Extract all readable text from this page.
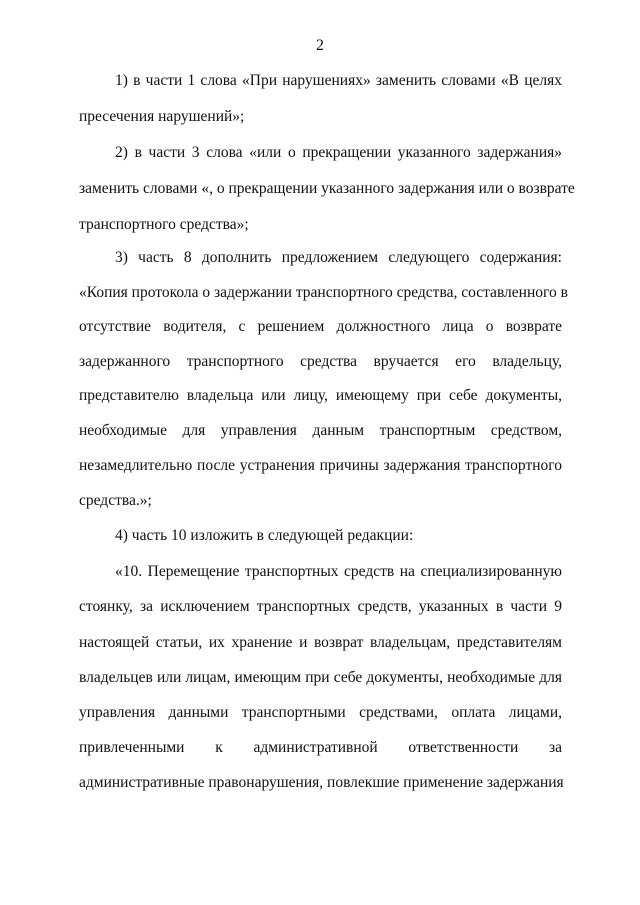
2
1) в части 1 слова «При нарушениях» заменить словами «В целях
пресечения нарушений»;
2) в части 3 слова «или о прекращении указанного задержания»
заменить словами «, о прекращении указанного задержания или о возврате
транспортного средства»;
3) часть 8 дополнить предложением следующего содержания:
«Копия протокола о задержании транспортного средства, составленного в
отсутствие водителя, с решением должностного лица о возврате
задержанного транспортного средства вручается его владельцу,
представителю владельца или лицу, имеющему при себе документы,
необходимые для управления данным транспортным средством,
незамедлительно после устранения причины задержания транспортного
средства.»;
4) часть 10 изложить в следующей редакции:
«10. Перемещение транспортных средств на специализированную
стоянку, за исключением транспортных средств, указанных в части 9
настоящей статьи, их хранение и возврат владельцам, представителям
владельцев или лицам, имеющим при себе документы, необходимые для
управления данными транспортными средствами, оплата лицами,
привлеченными к административной ответственности за
административные правонарушения, повлекшие применение задержания
